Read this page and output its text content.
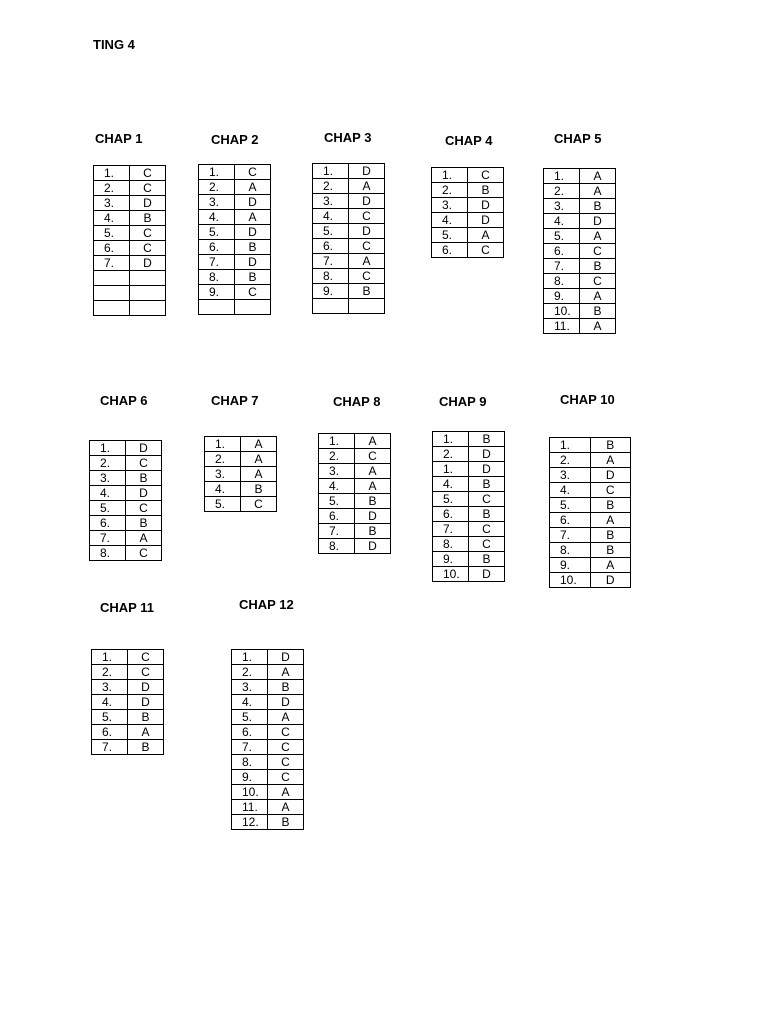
TING 4
CHAP 1
1.	C
2.	C
3.	D
4.	B
5.	C
6.	C
7.	D

CHAP 2
1.	C
2.	A
3.	D
4.	A
5.	D
6.	B
7.	D
8.	B
9.	C

CHAP 3
1.	D
2.	A
3.	D
4.	C
5.	D
6.	C
7.	A
8.	C
9.	B

CHAP 4
1.	C
2.	B
3.	D
4.	D
5.	A
6.	C
CHAP 5
1.	A
2.	A
3.	B
4.	D
5.	A
6.	C
7.	B
8.	C
9.	A
10.	B
11.	A
CHAP 6
1.	D
2.	C
3.	B
4.	D
5.	C
6.	B
7.	A
8.	C
CHAP 7
1.	A
2.	A
3.	A
4.	B
5.	C
CHAP 8
1.	A
2.	C
3.	A
4.	A
5.	B
6.	D
7.	B
8.	D
CHAP 9
1.	B
2.	D
1.	D
4.	B
5.	C
6.	B
7.	C
8.	C
9.	B
10.	D
CHAP 10
1.	B
2.	A
3.	D
4.	C
5.	B
6.	A
7.	B
8.	B
9.	A
10.	D
CHAP 11
1.	C
2.	C
3.	D
4.	D
5.	B
6.	A
7.	B
CHAP 12
1.	D
2.	A
3.	B
4.	D
5.	A
6.	C
7.	C
8.	C
9.	C
10.	A
11.	A
12.	B
